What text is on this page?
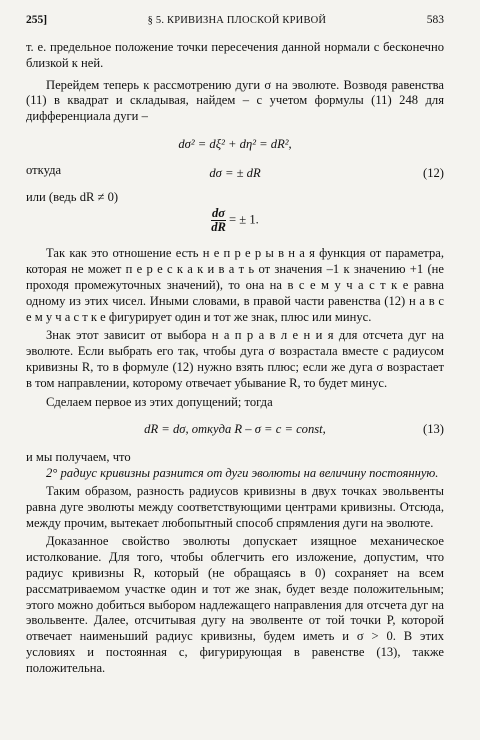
255]	§ 5. КРИВИЗНА ПЛОСКОЙ КРИВОЙ	583

т. е. предельное положение точки пересечения данной нормали с бесконечно близкой к ней.

Перейдем теперь к рассмотрению дуги σ на эволюте. Возводя равенства (11) в квадрат и складывая, найдем – с учетом формулы (11) 248 для дифференциала дуги –

dσ² = dξ² + dη² = dR²,

откуда	dσ = ± dR	(12)

или (ведь dR ≠ 0)

$\frac{d\sigma}{dR}$ = ± 1.

Так как это отношение есть н е п р е р ы в н а я функция от параметра, которая не может п е р е с к а к и в а т ь от значения –1 к значению +1 (не проходя промежуточных значений), то она на в с е м у ч а с т к е равна одному из этих чисел. Иными словами, в правой части равенства (12) н а в с е м у ч а с т к е фигурирует один и тот же знак, плюс или минус.

Знак этот зависит от выбора н а п р а в л е н и я для отсчета дуг на эволюте. Если выбрать его так, чтобы дуга σ возрастала вместе с радиусом кривизны R, то в формуле (12) нужно взять плюс; если же дуга σ возрастает в том направлении, которому отвечает убывание R, то будет минус.

Сделаем первое из этих допущений; тогда

dR = dσ, откуда R – σ = c = const,	(13)

и мы получаем, что

2° радиус кривизны разнится от дуги эволюты на величину постоянную.

Таким образом, разность радиусов кривизны в двух точках эвольвенты равна дуге эволюты между соответствующими центрами кривизны. Отсюда, между прочим, вытекает любопытный способ спрямления дуги на эволюте.

Доказанное свойство эволюты допускает изящное механическое истолкование. Для того, чтобы облегчить его изложение, допустим, что радиус кривизны R, который (не обращаясь в 0) сохраняет на всем рассматриваемом участке один и тот же знак, будет везде положительным; этого можно добиться выбором надлежащего направления для отсчета дуг на эвольвенте. Далее, отсчитывая дугу на эволвенте от той точки P, которой отвечает наименьший радиус кривизны, будем иметь и σ > 0. В этих условиях и постоянная c, фигурирующая в равенстве (13), также положительна.
